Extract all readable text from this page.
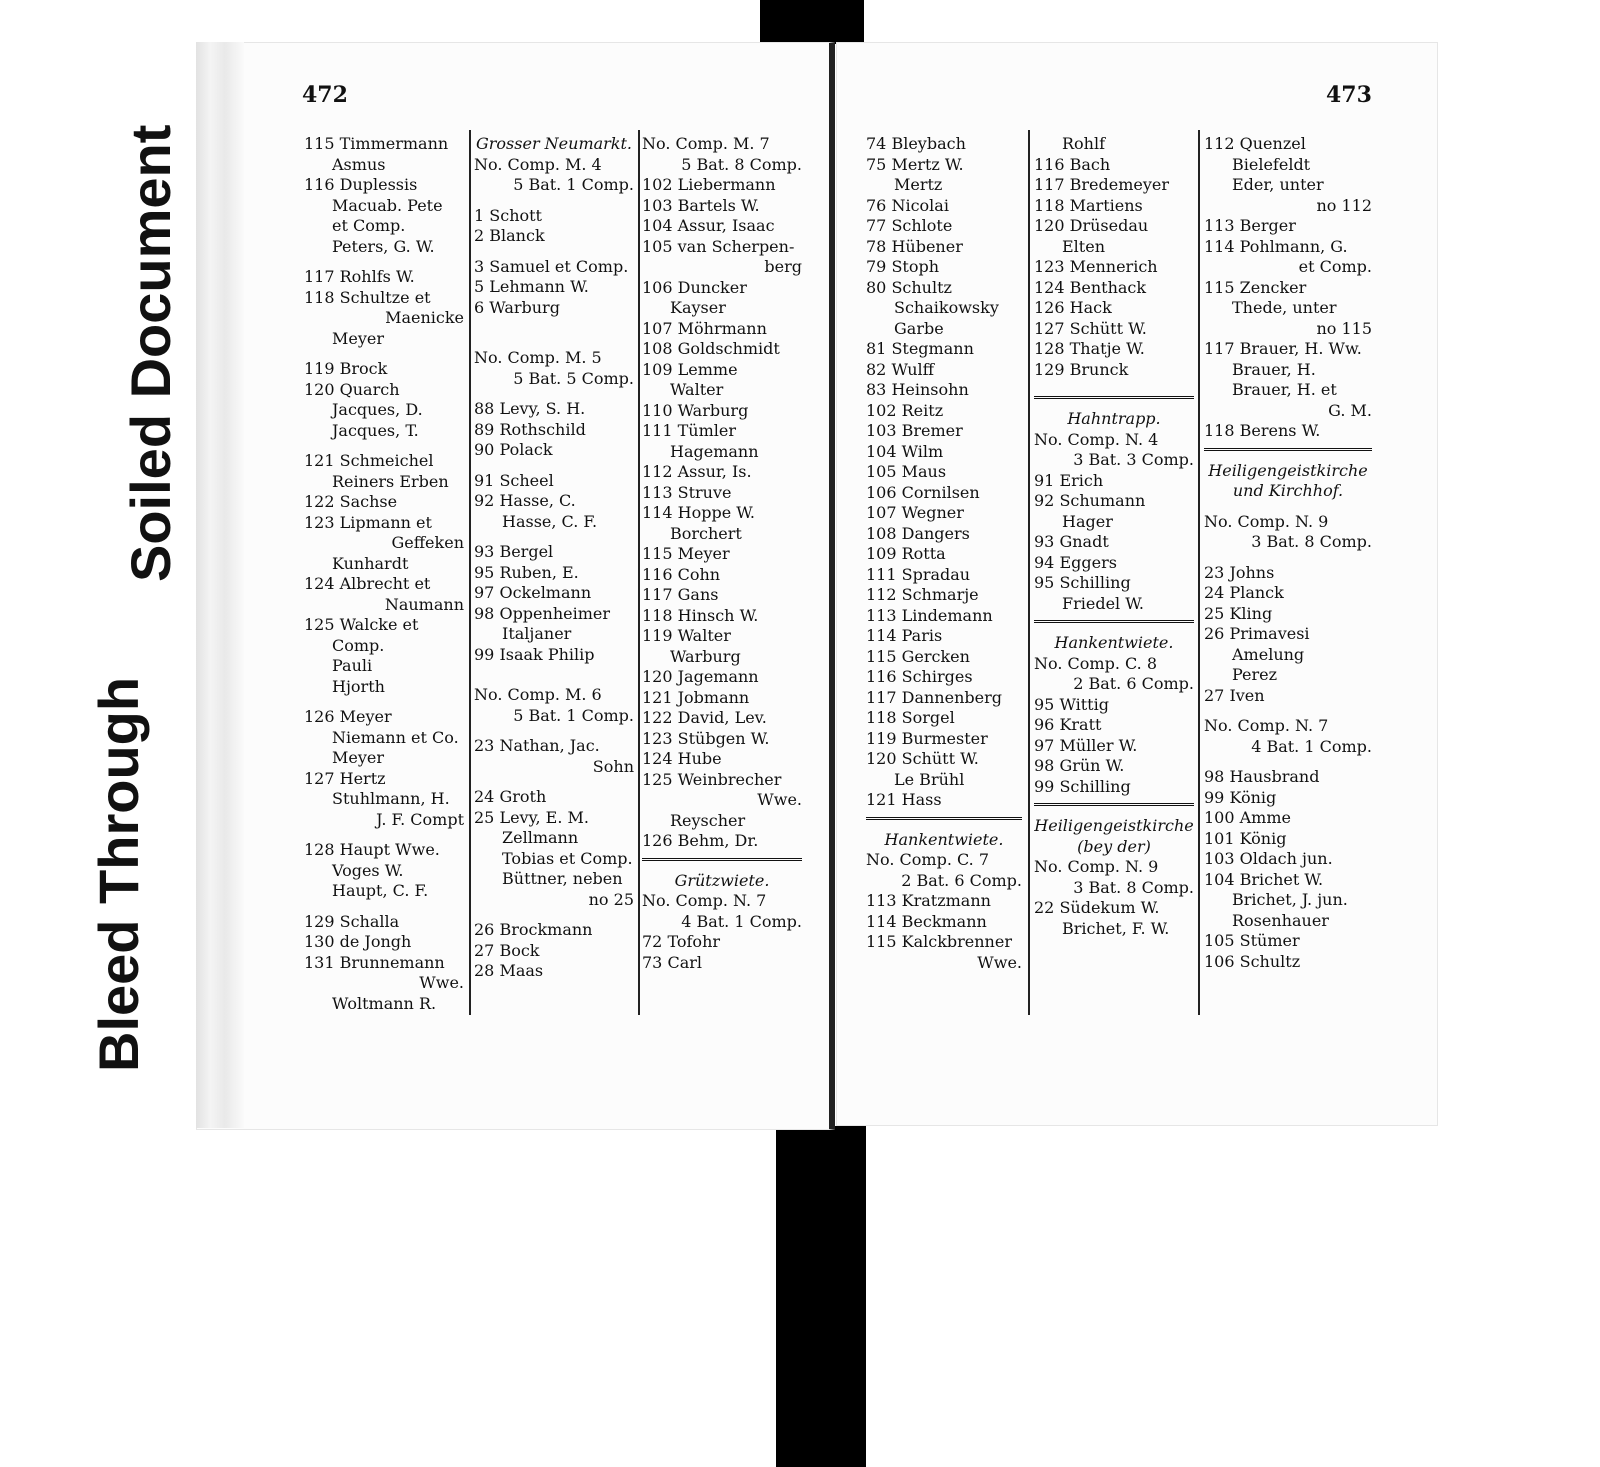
Bleed Through
Soiled Document
472	473
115 Timmermann
Asmus
116 Duplessis
Macuab. Pete
et Comp.
Peters, G. W.
117 Rohlfs W.
118 Schultze et
Maenicke
Meyer
119 Brock
120 Quarch
Jacques, D.
Jacques, T.
121 Schmeichel
Reiners Erben
122 Sachse
123 Lipmann et
Geffeken
Kunhardt
124 Albrecht et
Naumann
125 Walcke et
Comp.
Pauli
Hjorth
126 Meyer
Niemann et Co.
Meyer
127 Hertz
Stuhlmann, H.
J. F. Compt
128 Haupt Wwe.
Voges W.
Haupt, C. F.
129 Schalla
130 de Jongh
131 Brunnemann
Wwe.
Woltmann R.
Grosser Neumarkt.
No. Comp. M. 4
5 Bat. 1 Comp.
1 Schott
2 Blanck
3 Samuel et Comp.
5 Lehmann W.
6 Warburg
No. Comp. M. 5
5 Bat. 5 Comp.
88 Levy, S. H.
89 Rothschild
90 Polack
91 Scheel
92 Hasse, C.
Hasse, C. F.
93 Bergel
95 Ruben, E.
97 Ockelmann
98 Oppenheimer
Italjaner
99 Isaak Philip
No. Comp. M. 6
5 Bat. 1 Comp.
23 Nathan, Jac.
Sohn
24 Groth
25 Levy, E. M.
Zellmann
Tobias et Comp.
Büttner, neben
no 25
26 Brockmann
27 Bock
28 Maas
No. Comp. M. 7
5 Bat. 8 Comp.
102 Liebermann
103 Bartels W.
104 Assur, Isaac
105 van Scherpen-
berg
106 Duncker
Kayser
107 Möhrmann
108 Goldschmidt
109 Lemme
Walter
110 Warburg
111 Tümler
Hagemann
112 Assur, Is.
113 Struve
114 Hoppe W.
Borchert
115 Meyer
116 Cohn
117 Gans
118 Hinsch W.
119 Walter
Warburg
120 Jagemann
121 Jobmann
122 David, Lev.
123 Stübgen W.
124 Hube
125 Weinbrecher
Wwe.
Reyscher
126 Behm, Dr.
Grützwiete.
No. Comp. N. 7
4 Bat. 1 Comp.
72 Tofohr
73 Carl
74 Bleybach
75 Mertz W.
Mertz
76 Nicolai
77 Schlote
78 Hübener
79 Stoph
80 Schultz
Schaikowsky
Garbe
81 Stegmann
82 Wulff
83 Heinsohn
102 Reitz
103 Bremer
104 Wilm
105 Maus
106 Cornilsen
107 Wegner
108 Dangers
109 Rotta
111 Spradau
112 Schmarje
113 Lindemann
114 Paris
115 Gercken
116 Schirges
117 Dannenberg
118 Sorgel
119 Burmester
120 Schütt W.
Le Brühl
121 Hass
Hankentwiete.
No. Comp. C. 7
2 Bat. 6 Comp.
113 Kratzmann
114 Beckmann
115 Kalckbrenner
Wwe.
Rohlf
116 Bach
117 Bredemeyer
118 Martiens
120 Drüsedau
Elten
123 Mennerich
124 Benthack
126 Hack
127 Schütt W.
128 Thatje W.
129 Brunck
Hahntrapp.
No. Comp. N. 4
3 Bat. 3 Comp.
91 Erich
92 Schumann
Hager
93 Gnadt
94 Eggers
95 Schilling
Friedel W.
Hankentwiete.
No. Comp. C. 8
2 Bat. 6 Comp.
95 Wittig
96 Kratt
97 Müller W.
98 Grün W.
99 Schilling
Heiligengeistkirche
(bey der)
No. Comp. N. 9
3 Bat. 8 Comp.
22 Südekum W.
Brichet, F. W.
112 Quenzel
Bielefeldt
Eder, unter
no 112
113 Berger
114 Pohlmann, G.
et Comp.
115 Zencker
Thede, unter
no 115
117 Brauer, H. Ww.
Brauer, H.
Brauer, H. et
G. M.
118 Berens W.
Heiligengeistkirche
und Kirchhof.
No. Comp. N. 9
3 Bat. 8 Comp.
23 Johns
24 Planck
25 Kling
26 Primavesi
Amelung
Perez
27 Iven
No. Comp. N. 7
4 Bat. 1 Comp.
98 Hausbrand
99 König
100 Amme
101 König
103 Oldach jun.
104 Brichet W.
Brichet, J. jun.
Rosenhauer
105 Stümer
106 Schultz
